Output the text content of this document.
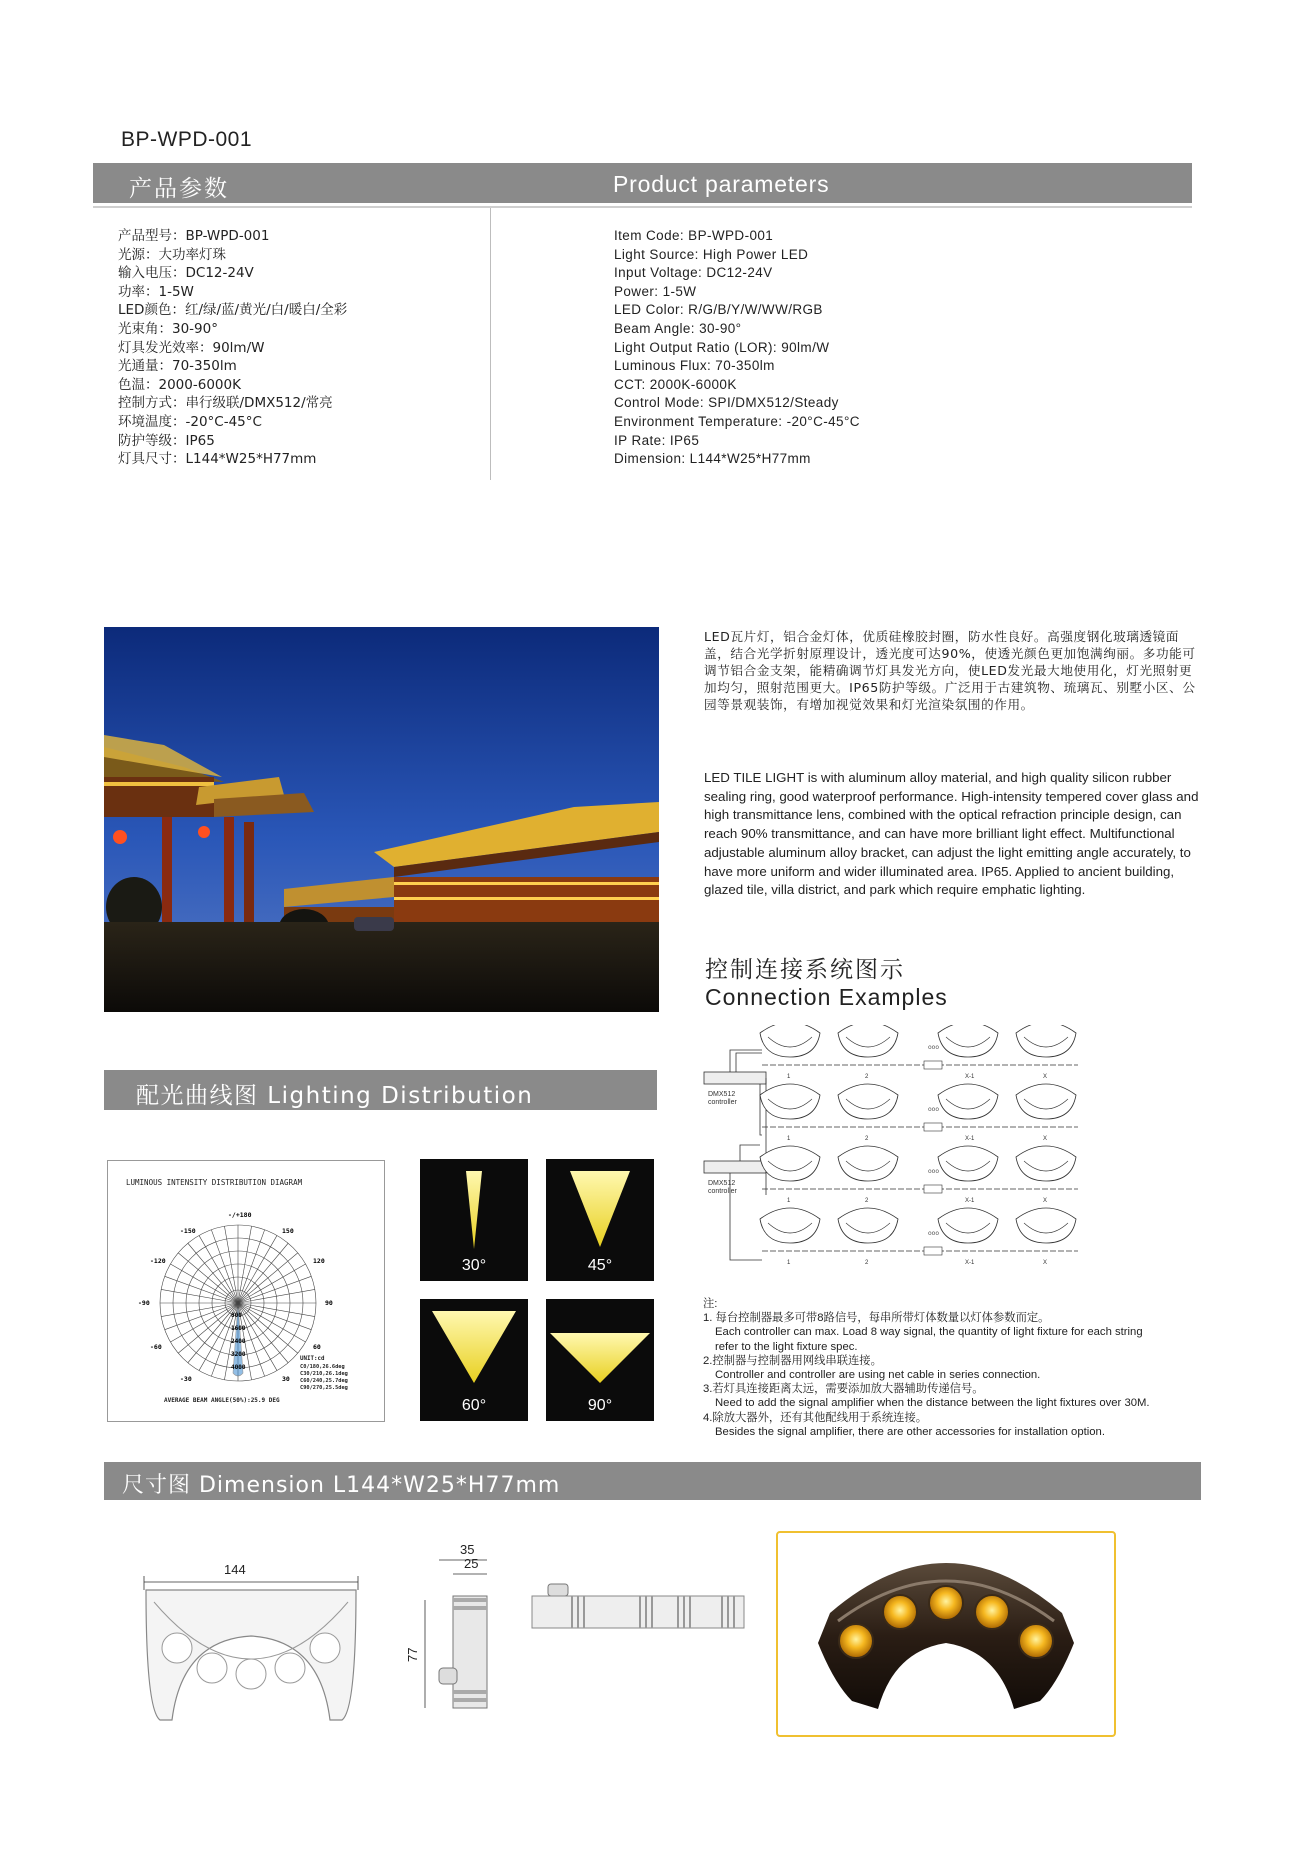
BP-WPD-001
产品参数	Product parameters
产品型号：BP-WPD-001
光源：大功率灯珠
输入电压：DC12-24V
功率：1-5W
LED颜色：红/绿/蓝/黄光/白/暖白/全彩
光束角：30-90°
灯具发光效率：90lm/W
光通量：70-350lm
色温：2000-6000K
控制方式：串行级联/DMX512/常亮
环境温度：-20°C-45°C
防护等级：IP65
灯具尺寸：L144*W25*H77mm
Item Code: BP-WPD-001
Light Source: High Power LED
Input Voltage: DC12-24V
Power: 1-5W
LED Color: R/G/B/Y/W/WW/RGB
Beam Angle: 30-90°
Light Output Ratio (LOR): 90lm/W
Luminous Flux: 70-350lm
CCT: 2000K-6000K
Control Mode: SPI/DMX512/Steady
Environment Temperature: -20°C-45°C
IP Rate: IP65
Dimension: L144*W25*H77mm
LED瓦片灯，铝合金灯体，优质硅橡胶封圈，防水性良好。高强度钢化玻璃透镜面盖，结合光学折射原理设计，透光度可达90%，使透光颜色更加饱满绚丽。多功能可调节铝合金支架，能精确调节灯具发光方向，使LED发光最大地使用化，灯光照射更加均匀，照射范围更大。IP65防护等级。广泛用于古建筑物、琉璃瓦、别墅小区、公园等景观装饰，有增加视觉效果和灯光渲染氛围的作用。
LED TILE LIGHT is with aluminum alloy material, and high quality silicon rubber sealing ring, good waterproof performance. High-intensity tempered cover glass and high transmittance lens, combined with the optical refraction principle design, can reach 90% transmittance, and can have more brilliant light effect. Multifunctional adjustable aluminum alloy bracket, can adjust the light emitting angle accurately, to have more uniform and wider illuminated area. IP65. Applied to ancient building, glazed tile, villa district, and park which require emphatic lighting.
控制连接系统图示
Connection Examples
DMX512
controller
DMX512
controller
1	2
ooo
X-1	X
1	2
ooo
X-1	X
1	2
ooo
X-1	X
1	2
ooo
X-1	X
配光曲线图 Lighting Distribution
LUMINOUS INTENSITY DISTRIBUTION DIAGRAM
-/+180
-150	150
-120	120
-90	90
-60	60
-30	30
800
1600
2400
3200
4000
UNIT:cd
C0/180,26.6deg
C30/210,26.1deg
C60/240,25.7deg
C90/270,25.5deg
AVERAGE BEAM ANGLE(50%):25.9 DEG
30°	45°
60°	90°
注:
1. 每台控制器最多可带8路信号，每串所带灯体数量以灯体参数而定。
Each controller can max. Load 8 way signal, the quantity of light fixture for each string
refer to the light fixture spec.
2.控制器与控制器用网线串联连接。
Controller and controller are using net cable in series connection.
3.若灯具连接距离太远，需要添加放大器辅助传递信号。
Need to add the signal amplifier when the distance between the light fixtures over 30M.
4.除放大器外，还有其他配线用于系统连接。
Besides the signal amplifier, there are other accessories for installation option.
尺寸图 Dimension L144*W25*H77mm
144
35
25
77
